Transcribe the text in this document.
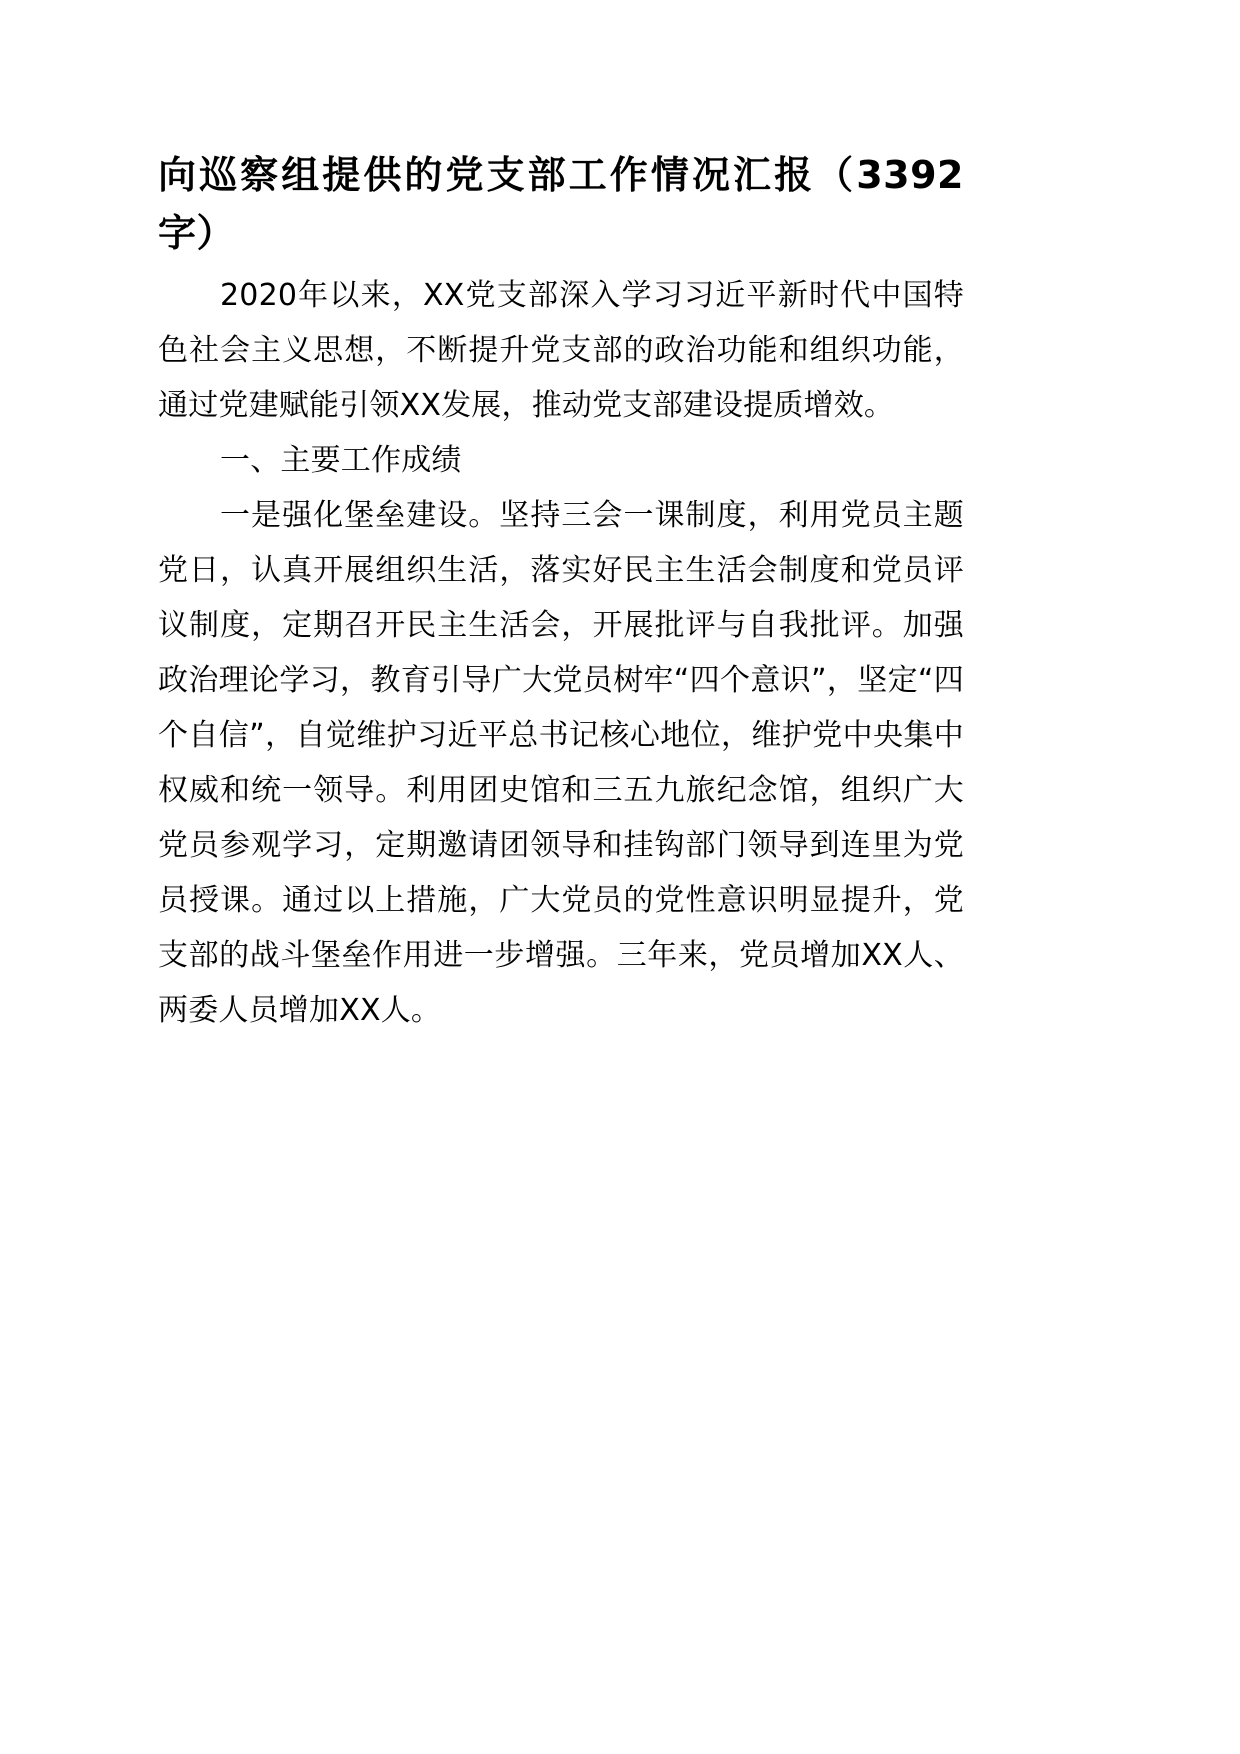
向巡察组提供的党支部工作情况汇报（3392字）

2020年以来，XX党支部深入学习习近平新时代中国特色社会主义思想，不断提升党支部的政治功能和组织功能，通过党建赋能引领XX发展，推动党支部建设提质增效。

一、主要工作成绩

一是强化堡垒建设。坚持三会一课制度，利用党员主题党日，认真开展组织生活，落实好民主生活会制度和党员评议制度，定期召开民主生活会，开展批评与自我批评。加强政治理论学习，教育引导广大党员树牢“四个意识”，坚定“四个自信”，自觉维护习近平总书记核心地位，维护党中央集中权威和统一领导。利用团史馆和三五九旅纪念馆，组织广大党员参观学习，定期邀请团领导和挂钩部门领导到连里为党员授课。通过以上措施，广大党员的党性意识明显提升，党支部的战斗堡垒作用进一步增强。三年来，党员增加XX人、两委人员增加XX人。
